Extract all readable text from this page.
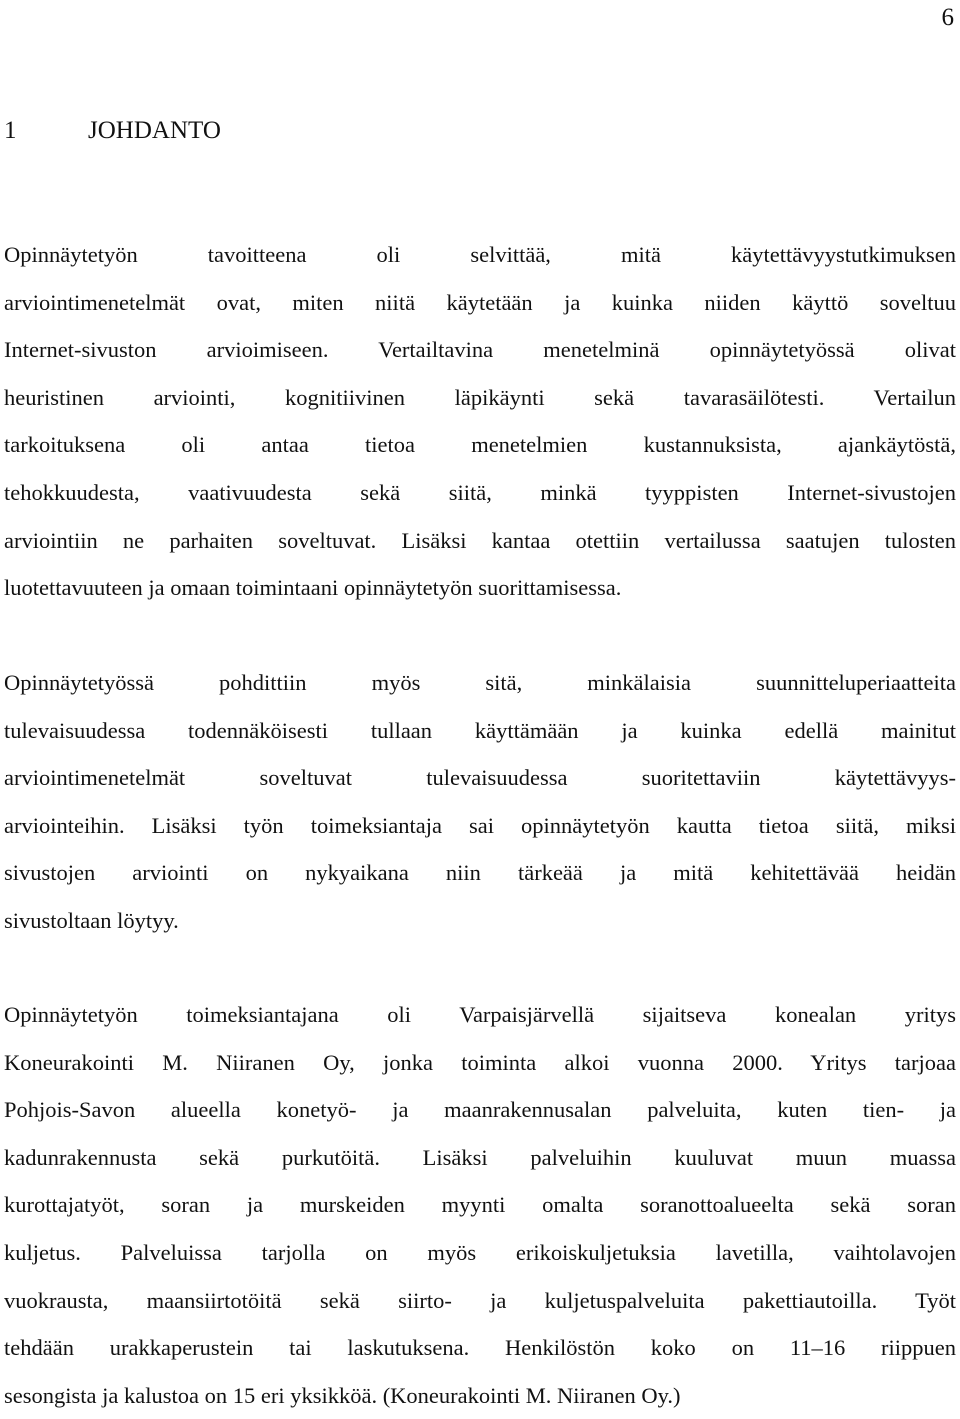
6
1	JOHDANTO

Opinnäytetyön tavoitteena oli selvittää, mitä käytettävyystutkimuksen
arviointimenetelmät ovat, miten niitä käytetään ja kuinka niiden käyttö soveltuu
Internet-sivuston arvioimiseen. Vertailtavina menetelminä opinnäytetyössä olivat
heuristinen arviointi, kognitiivinen läpikäynti sekä tavarasäilötesti. Vertailun
tarkoituksena oli antaa tietoa menetelmien kustannuksista, ajankäytöstä,
tehokkuudesta, vaativuudesta sekä siitä, minkä tyyppisten Internet-sivustojen
arviointiin ne parhaiten soveltuvat. Lisäksi kantaa otettiin vertailussa saatujen tulosten
luotettavuuteen ja omaan toimintaani opinnäytetyön suorittamisessa.

Opinnäytetyössä pohdittiin myös sitä, minkälaisia suunnitteluperiaatteita
tulevaisuudessa todennäköisesti tullaan käyttämään ja kuinka edellä mainitut
arviointimenetelmät soveltuvat tulevaisuudessa suoritettaviin käytettävyys-
arviointeihin. Lisäksi työn toimeksiantaja sai opinnäytetyön kautta tietoa siitä, miksi
sivustojen arviointi on nykyaikana niin tärkeää ja mitä kehitettävää heidän
sivustoltaan löytyy.

Opinnäytetyön toimeksiantajana oli Varpaisjärvellä sijaitseva konealan yritys
Koneurakointi M. Niiranen Oy, jonka toiminta alkoi vuonna 2000. Yritys tarjoaa
Pohjois-Savon alueella konetyö- ja maanrakennusalan palveluita, kuten tien- ja
kadunrakennusta sekä purkutöitä. Lisäksi palveluihin kuuluvat muun muassa
kurottajatyöt, soran ja murskeiden myynti omalta soranottoalueelta sekä soran
kuljetus. Palveluissa tarjolla on myös erikoiskuljetuksia lavetilla, vaihtolavojen
vuokrausta, maansiirtotöitä sekä siirto- ja kuljetuspalveluita pakettiautoilla. Työt
tehdään urakkaperustein tai laskutuksena. Henkilöstön koko on 11–16 riippuen
sesongista ja kalustoa on 15 eri yksikköä. (Koneurakointi M. Niiranen Oy.)
